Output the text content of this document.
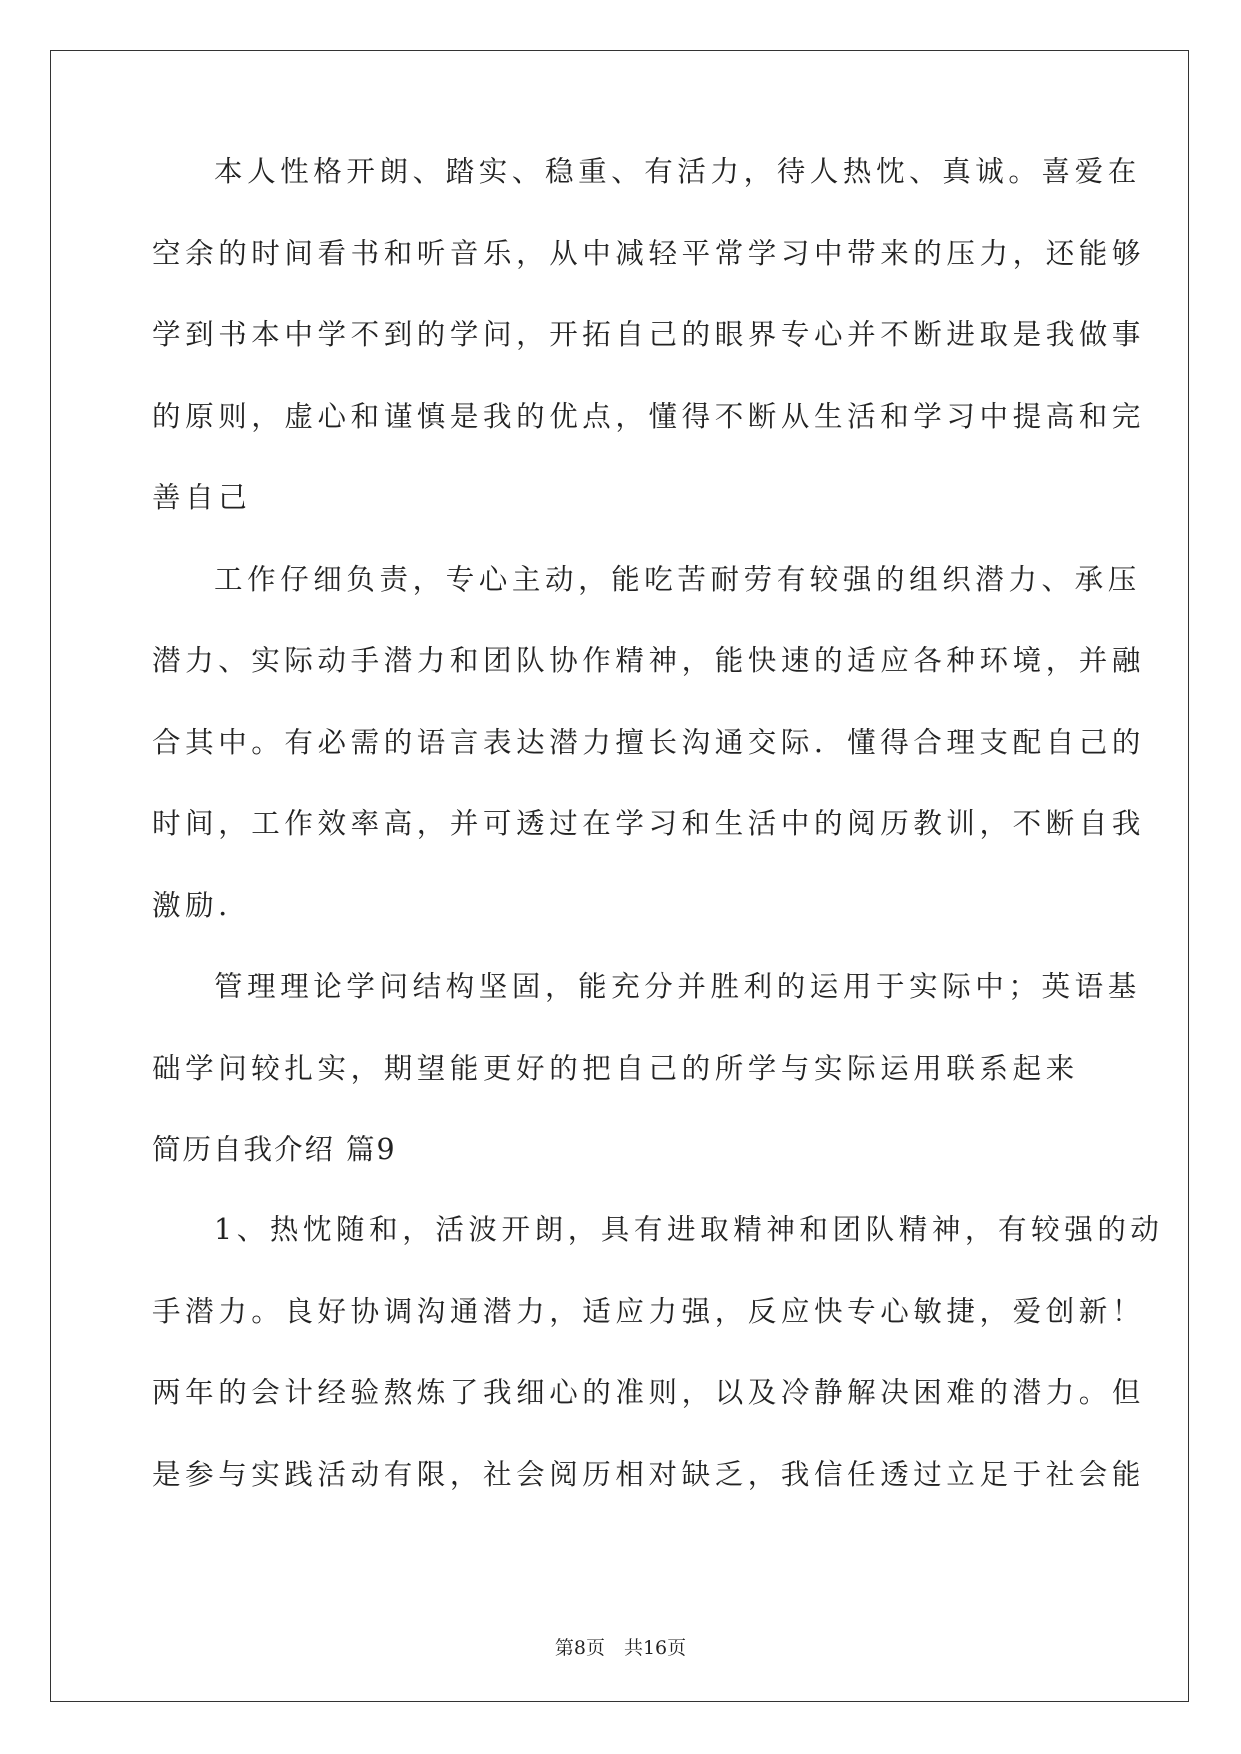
本人性格开朗、踏实、稳重、有活力，待人热忱、真诚。喜爱在
空余的时间看书和听音乐，从中减轻平常学习中带来的压力，还能够
学到书本中学不到的学问，开拓自己的眼界专心并不断进取是我做事
的原则，虚心和谨慎是我的优点，懂得不断从生活和学习中提高和完
善自己
工作仔细负责，专心主动，能吃苦耐劳有较强的组织潜力、承压
潜力、实际动手潜力和团队协作精神，能快速的适应各种环境，并融
合其中。有必需的语言表达潜力擅长沟通交际．懂得合理支配自己的
时间，工作效率高，并可透过在学习和生活中的阅历教训，不断自我
激励．
管理理论学问结构坚固，能充分并胜利的运用于实际中；英语基
础学问较扎实，期望能更好的把自己的所学与实际运用联系起来
简历自我介绍 篇9
1、热忱随和，活波开朗，具有进取精神和团队精神，有较强的动
手潜力。良好协调沟通潜力，适应力强，反应快专心敏捷，爱创新！
两年的会计经验熬炼了我细心的准则，以及冷静解决困难的潜力。但
是参与实践活动有限，社会阅历相对缺乏，我信任透过立足于社会能
第8页　共16页
